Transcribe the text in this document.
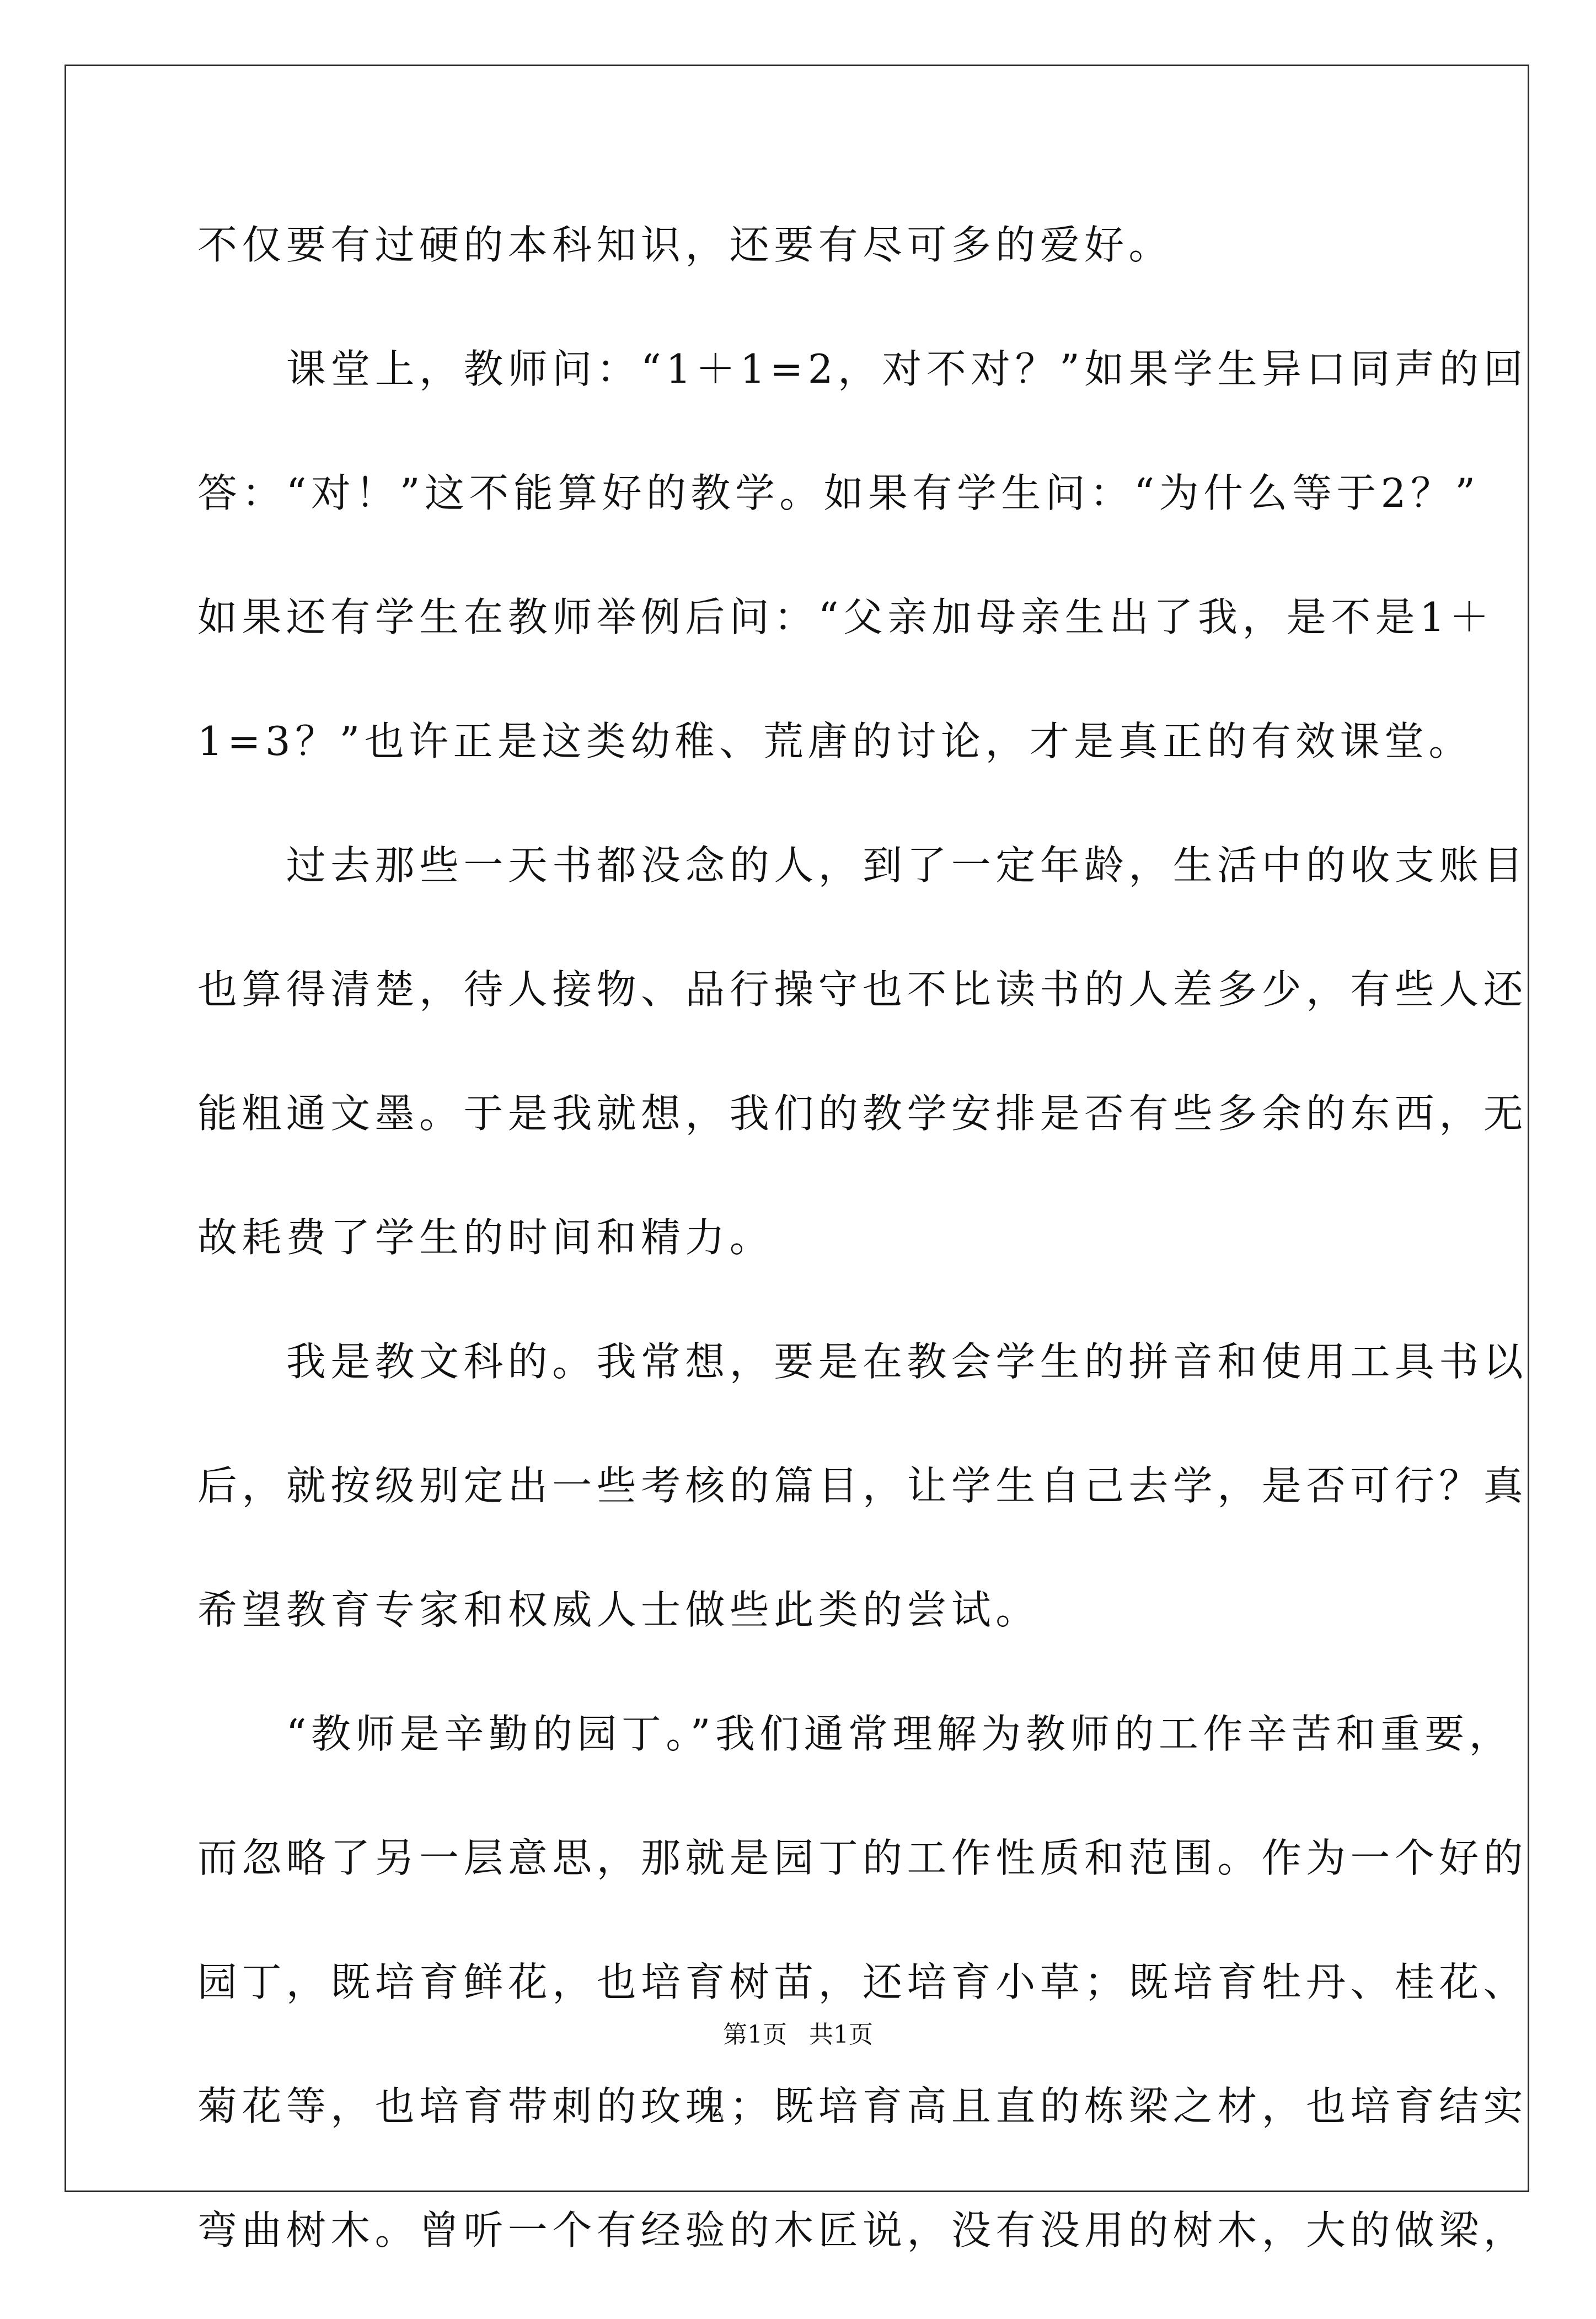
不仅要有过硬的本科知识，还要有尽可多的爱好。
　　课堂上，教师问：“1＋1=2，对不对？”如果学生异口同声的回
答：“对！”这不能算好的教学。如果有学生问：“为什么等于2？”
如果还有学生在教师举例后问：“父亲加母亲生出了我，是不是1＋
1=3？”也许正是这类幼稚、荒唐的讨论，才是真正的有效课堂。
　　过去那些一天书都没念的人，到了一定年龄，生活中的收支账目
也算得清楚，待人接物、品行操守也不比读书的人差多少，有些人还
能粗通文墨。于是我就想，我们的教学安排是否有些多余的东西，无
故耗费了学生的时间和精力。
　　我是教文科的。我常想，要是在教会学生的拼音和使用工具书以
后，就按级别定出一些考核的篇目，让学生自己去学，是否可行？真
希望教育专家和权威人士做些此类的尝试。
　　“教师是辛勤的园丁。”我们通常理解为教师的工作辛苦和重要，
而忽略了另一层意思，那就是园丁的工作性质和范围。作为一个好的
园丁，既培育鲜花，也培育树苗，还培育小草；既培育牡丹、桂花、
菊花等，也培育带刺的玫瑰；既培育高且直的栋梁之材，也培育结实
弯曲树木。曾听一个有经验的木匠说，没有没用的树木，大的做梁，
第1页 共1页
